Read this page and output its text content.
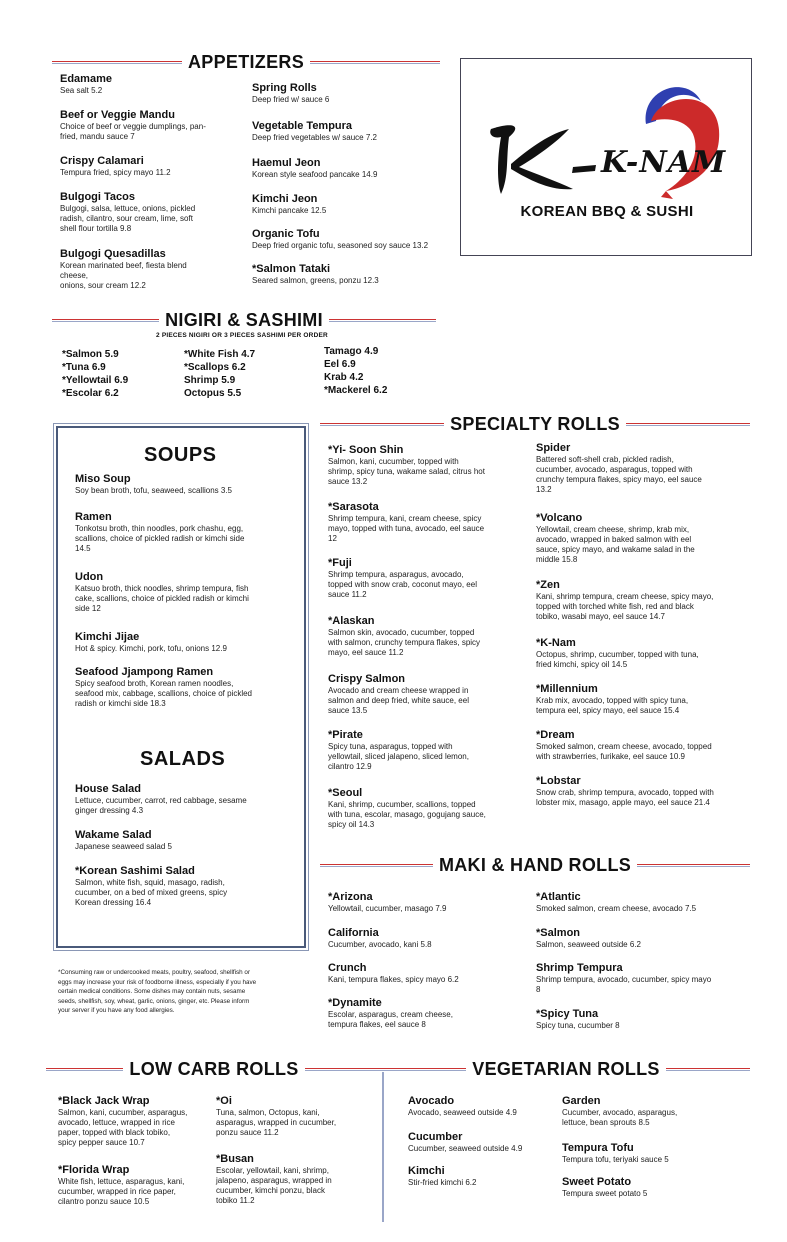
APPETIZERS
Edamame
Sea salt 5.2
Beef or Veggie Mandu
Choice of beef or veggie dumplings, pan-
fried, mandu sauce 7
Crispy Calamari
Tempura fried, spicy mayo 11.2
Bulgogi Tacos
Bulgogi, salsa, lettuce, onions, pickled
radish, cilantro, sour cream, lime, soft
shell flour tortilla 9.8
Bulgogi Quesadillas
Korean marinated beef, fiesta blend
cheese,
onions, sour cream 12.2
Spring Rolls
Deep fried w/ sauce 6
Vegetable Tempura
Deep fried vegetables w/ sauce 7.2
Haemul Jeon
Korean style seafood pancake 14.9
Kimchi Jeon
Kimchi pancake 12.5
Organic Tofu
Deep fried organic tofu, seasoned soy sauce 13.2
*Salmon Tataki
Seared salmon, greens, ponzu 12.3
K-NAM
KOREAN BBQ & SUSHI
NIGIRI & SASHIMI
2 PIECES NIGIRI OR 3 PIECES SASHIMI PER ORDER
*Salmon 5.9
*Tuna 6.9
*Yellowtail 6.9
*Escolar 6.2
*White Fish 4.7
*Scallops 6.2
Shrimp 5.9
Octopus 5.5
Tamago 4.9
Eel 6.9
Krab 4.2
*Mackerel 6.2
SOUPS
Miso Soup
Soy bean broth, tofu, seaweed, scallions 3.5
Ramen
Tonkotsu broth, thin noodles, pork chashu, egg,
scallions, choice of pickled radish or kimchi side
14.5
Udon
Katsuo broth, thick noodles, shrimp tempura, fish
cake, scallions, choice of pickled radish or kimchi
side 12
Kimchi Jijae
Hot & spicy. Kimchi, pork, tofu, onions 12.9
Seafood Jjampong Ramen
Spicy seafood broth, Korean ramen noodles,
seafood mix, cabbage, scallions, choice of pickled
radish or kimchi side 18.3
SALADS
House Salad
Lettuce, cucumber, carrot, red cabbage, sesame
ginger dressing 4.3
Wakame Salad
Japanese seaweed salad 5
*Korean Sashimi Salad
Salmon, white fish, squid, masago, radish,
cucumber, on a bed of mixed greens, spicy
Korean dressing 16.4
*Consuming raw or undercooked meats, poultry, seafood, shellfish or
eggs may increase your risk of foodborne illness, especially if you have
certain medical conditions. Some dishes may contain nuts, sesame
seeds, shellfish, soy, wheat, garlic, onions, ginger, etc. Please inform
your server if you have any food allergies.
SPECIALTY ROLLS
*Yi- Soon Shin
Salmon, kani, cucumber, topped with
shrimp, spicy tuna, wakame salad, citrus hot
sauce 13.2
*Sarasota
Shrimp tempura, kani, cream cheese, spicy
mayo, topped with tuna, avocado, eel sauce
12
*Fuji
Shrimp tempura, asparagus, avocado,
topped with snow crab, coconut mayo, eel
sauce 11.2
*Alaskan
Salmon skin, avocado, cucumber, topped
with salmon, crunchy tempura flakes, spicy
mayo, eel sauce 11.2
Crispy Salmon
Avocado and cream cheese wrapped in
salmon and deep fried, white sauce, eel
sauce 13.5
*Pirate
Spicy tuna, asparagus, topped with
yellowtail, sliced jalapeno, sliced lemon,
cilantro 12.9
*Seoul
Kani, shrimp, cucumber, scallions, topped
with tuna, escolar, masago, gogujang sauce,
spicy oil 14.3
Spider
Battered soft-shell crab, pickled radish,
cucumber, avocado, asparagus, topped with
crunchy tempura flakes, spicy mayo, eel sauce
13.2
*Volcano
Yellowtail, cream cheese, shrimp, krab mix,
avocado, wrapped in baked salmon with eel
sauce, spicy mayo, and wakame salad in the
middle 15.8
*Zen
Kani, shrimp tempura, cream cheese, spicy mayo,
topped with torched white fish, red and black
tobiko, wasabi mayo, eel sauce 14.7
*K-Nam
Octopus, shrimp, cucumber, topped with tuna,
fried kimchi, spicy oil 14.5
*Millennium
Krab mix, avocado, topped with spicy tuna,
tempura eel, spicy mayo, eel sauce 15.4
*Dream
Smoked salmon, cream cheese, avocado, topped
with strawberries, furikake, eel sauce 10.9
*Lobstar
Snow crab, shrimp tempura, avocado, topped with
lobster mix, masago, apple mayo, eel sauce 21.4
MAKI & HAND ROLLS
*Arizona
Yellowtail, cucumber, masago 7.9
California
Cucumber, avocado, kani 5.8
Crunch
Kani, tempura flakes, spicy mayo 6.2
*Dynamite
Escolar, asparagus, cream cheese,
tempura flakes, eel sauce 8
*Atlantic
Smoked salmon, cream cheese, avocado 7.5
*Salmon
Salmon, seaweed outside 6.2
Shrimp Tempura
Shrimp tempura, avocado, cucumber, spicy mayo
8
*Spicy Tuna
Spicy tuna, cucumber 8
LOW CARB ROLLS	VEGETARIAN ROLLS
*Black Jack Wrap
Salmon, kani, cucumber, asparagus,
avocado, lettuce, wrapped in rice
paper, topped with black tobiko,
spicy pepper sauce 10.7
*Florida Wrap
White fish, lettuce, asparagus, kani,
cucumber, wrapped in rice paper,
cilantro ponzu sauce 10.5
*Oi
Tuna, salmon, Octopus, kani,
asparagus, wrapped in cucumber,
ponzu sauce 11.2
*Busan
Escolar, yellowtail, kani, shrimp,
jalapeno, asparagus, wrapped in
cucumber, kimchi ponzu, black
tobiko 11.2
Avocado
Avocado, seaweed outside 4.9
Cucumber
Cucumber, seaweed outside 4.9
Kimchi
Stir-fried kimchi 6.2
Garden
Cucumber, avocado, asparagus,
lettuce, bean sprouts 8.5
Tempura Tofu
Tempura tofu, teriyaki sauce 5
Sweet Potato
Tempura sweet potato 5
